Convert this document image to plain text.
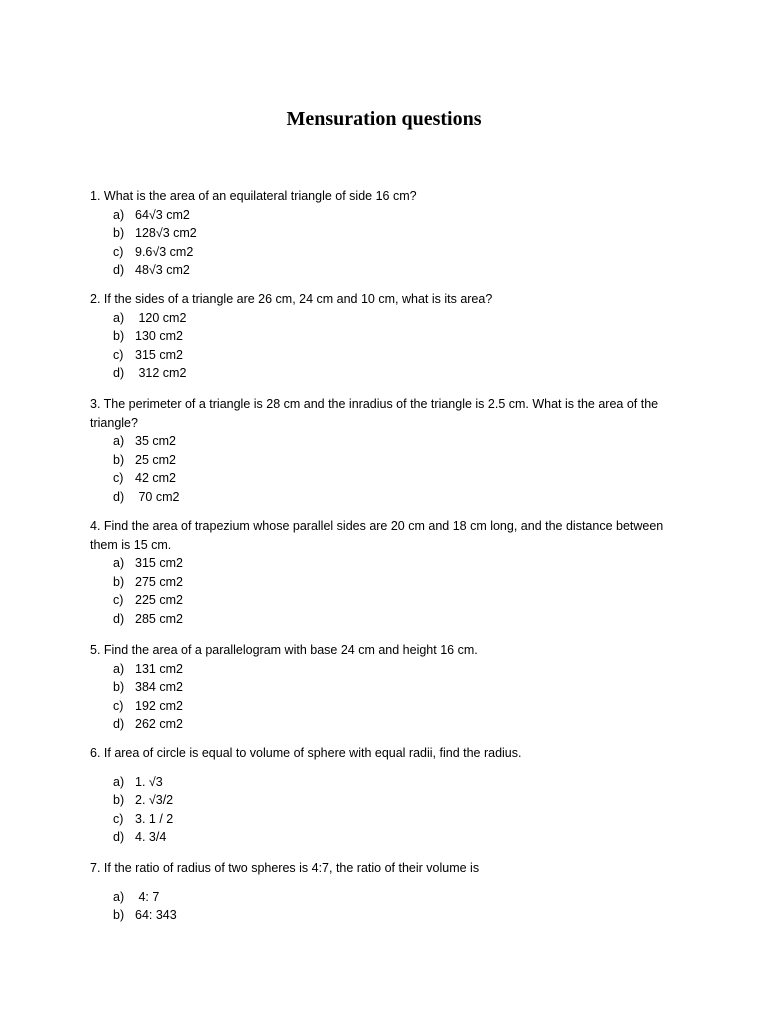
Mensuration questions
1. What is the area of an equilateral triangle of side 16 cm?
a) 64√3 cm2
b) 128√3 cm2
c) 9.6√3 cm2
d) 48√3 cm2
2. If the sides of a triangle are 26 cm, 24 cm and 10 cm, what is its area?
a) 120 cm2
b) 130 cm2
c) 315 cm2
d) 312 cm2
3. The perimeter of a triangle is 28 cm and the inradius of the triangle is 2.5 cm. What is the area of the triangle?
a) 35 cm2
b) 25 cm2
c) 42 cm2
d) 70 cm2
4. Find the area of trapezium whose parallel sides are 20 cm and 18 cm long, and the distance between them is 15 cm.
a) 315 cm2
b) 275 cm2
c) 225 cm2
d) 285 cm2
5. Find the area of a parallelogram with base 24 cm and height 16 cm.
a) 131 cm2
b) 384 cm2
c) 192 cm2
d) 262 cm2
6. If area of circle is equal to volume of sphere with equal radii, find the radius.
a) 1. √3
b) 2. √3/2
c) 3. 1 / 2
d) 4. 3/4
7. If the ratio of radius of two spheres is 4:7, the ratio of their volume is
a) 4: 7
b) 64: 343
